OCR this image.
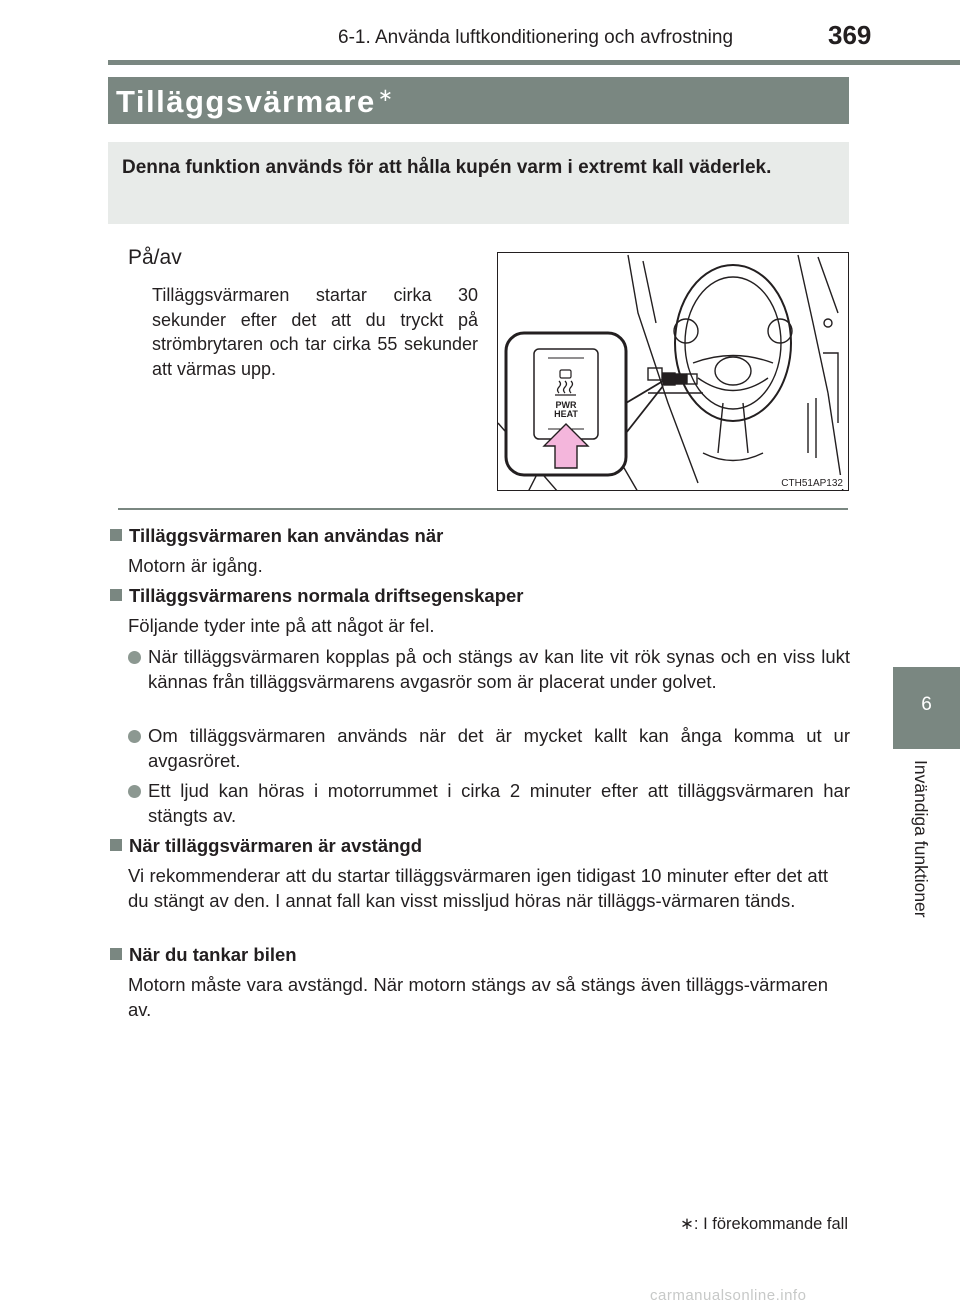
6-1. Använda luftkonditionering och avfrostning	369
Tilläggsvärmare ∗
Denna funktion används för att hålla kupén varm i extremt kall väderlek.
På/av
Tilläggsvärmaren startar cirka 30 sekunder efter det att du tryckt på strömbrytaren och tar cirka 55 sekunder att värmas upp.
PWR
HEAT
CTH51AP132
Tilläggsvärmaren kan användas när
Motorn är igång.
Tilläggsvärmarens normala driftsegenskaper
Följande tyder inte på att något är fel.
När tilläggsvärmaren kopplas på och stängs av kan lite vit rök synas och en viss lukt kännas från tilläggsvärmarens avgasrör som är placerat under golvet.
Om tilläggsvärmaren används när det är mycket kallt kan ånga komma ut ur avgasröret.
Ett ljud kan höras i motorrummet i cirka 2 minuter efter att tilläggsvärmaren har stängts av.
När tilläggsvärmaren är avstängd
Vi rekommenderar att du startar tilläggsvärmaren igen tidigast 10 minuter efter det att du stängt av den. I annat fall kan visst missljud höras när tilläggs-värmaren tänds.
När du tankar bilen
Motorn måste vara avstängd. När motorn stängs av så stängs även tilläggs-värmaren av.
6
Invändiga funktioner
∗: I förekommande fall
carmanualsonline.info
